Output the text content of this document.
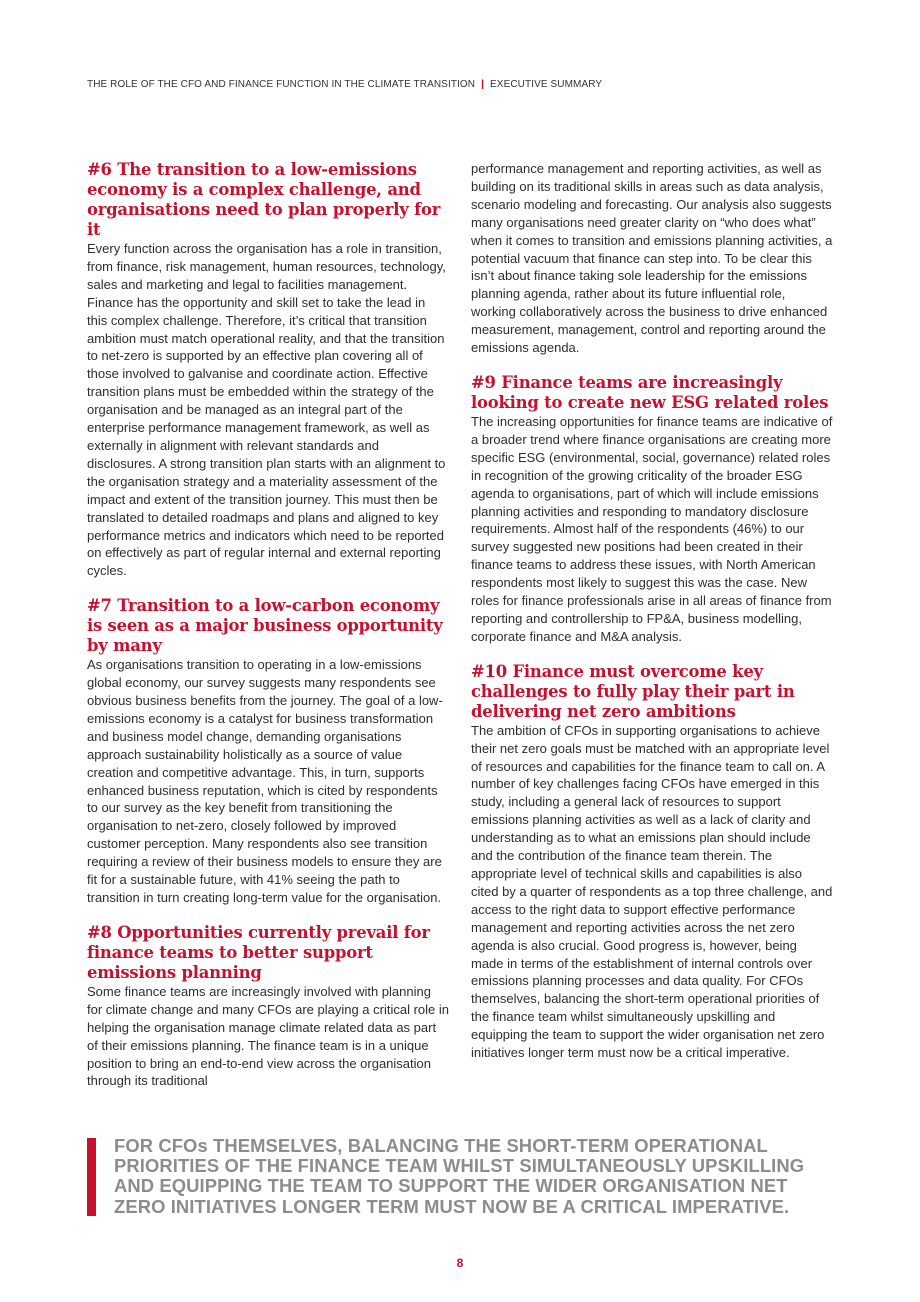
THE ROLE OF THE CFO AND FINANCE FUNCTION IN THE CLIMATE TRANSITION | EXECUTIVE SUMMARY
#6 The transition to a low-emissions economy is a complex challenge, and organisations need to plan properly for it

Every function across the organisation has a role in transition, from finance, risk management, human resources, technology, sales and marketing and legal to facilities management. Finance has the opportunity and skill set to take the lead in this complex challenge. Therefore, it’s critical that transition ambition must match operational reality, and that the transition to net-zero is supported by an effective plan covering all of those involved to galvanise and coordinate action. Effective transition plans must be embedded within the strategy of the organisation and be managed as an integral part of the enterprise performance management framework, as well as externally in alignment with relevant standards and disclosures. A strong transition plan starts with an alignment to the organisation strategy and a materiality assessment of the impact and extent of the transition journey. This must then be translated to detailed roadmaps and plans and aligned to key performance metrics and indicators which need to be reported on effectively as part of regular internal and external reporting cycles.

#7 Transition to a low-carbon economy is seen as a major business opportunity by many

As organisations transition to operating in a low-emissions global economy, our survey suggests many respondents see obvious business benefits from the journey. The goal of a low-emissions economy is a catalyst for business transformation and business model change, demanding organisations approach sustainability holistically as a source of value creation and competitive advantage. This, in turn, supports enhanced business reputation, which is cited by respondents to our survey as the key benefit from transitioning the organisation to net-zero, closely followed by improved customer perception. Many respondents also see transition requiring a review of their business models to ensure they are fit for a sustainable future, with 41% seeing the path to transition in turn creating long-term value for the organisation.

#8 Opportunities currently prevail for finance teams to better support emissions planning

Some finance teams are increasingly involved with planning for climate change and many CFOs are playing a critical role in helping the organisation manage climate related data as part of their emissions planning. The finance team is in a unique position to bring an end-to-end view across the organisation through its traditional

performance management and reporting activities, as well as building on its traditional skills in areas such as data analysis, scenario modeling and forecasting. Our analysis also suggests many organisations need greater clarity on “who does what” when it comes to transition and emissions planning activities, a potential vacuum that finance can step into. To be clear this isn’t about finance taking sole leadership for the emissions planning agenda, rather about its future influential role, working collaboratively across the business to drive enhanced measurement, management, control and reporting around the emissions agenda.

#9 Finance teams are increasingly looking to create new ESG related roles

The increasing opportunities for finance teams are indicative of a broader trend where finance organisations are creating more specific ESG (environmental, social, governance) related roles in recognition of the growing criticality of the broader ESG agenda to organisations, part of which will include emissions planning activities and responding to mandatory disclosure requirements. Almost half of the respondents (46%) to our survey suggested new positions had been created in their finance teams to address these issues, with North American respondents most likely to suggest this was the case. New roles for finance professionals arise in all areas of finance from reporting and controllership to FP&A, business modelling, corporate finance and M&A analysis.

#10 Finance must overcome key challenges to fully play their part in delivering net zero ambitions

The ambition of CFOs in supporting organisations to achieve their net zero goals must be matched with an appropriate level of resources and capabilities for the finance team to call on. A number of key challenges facing CFOs have emerged in this study, including a general lack of resources to support emissions planning activities as well as a lack of clarity and understanding as to what an emissions plan should include and the contribution of the finance team therein. The appropriate level of technical skills and capabilities is also cited by a quarter of respondents as a top three challenge, and access to the right data to support effective performance management and reporting activities across the net zero agenda is also crucial. Good progress is, however, being made in terms of the establishment of internal controls over emissions planning processes and data quality. For CFOs themselves, balancing the short-term operational priorities of the finance team whilst simultaneously upskilling and equipping the team to support the wider organisation net zero initiatives longer term must now be a critical imperative.

FOR CFOs THEMSELVES, BALANCING THE SHORT-TERM OPERATIONAL PRIORITIES OF THE FINANCE TEAM WHILST SIMULTANEOUSLY UPSKILLING AND EQUIPPING THE TEAM TO SUPPORT THE WIDER ORGANISATION NET ZERO INITIATIVES LONGER TERM MUST NOW BE A CRITICAL IMPERATIVE.
8
